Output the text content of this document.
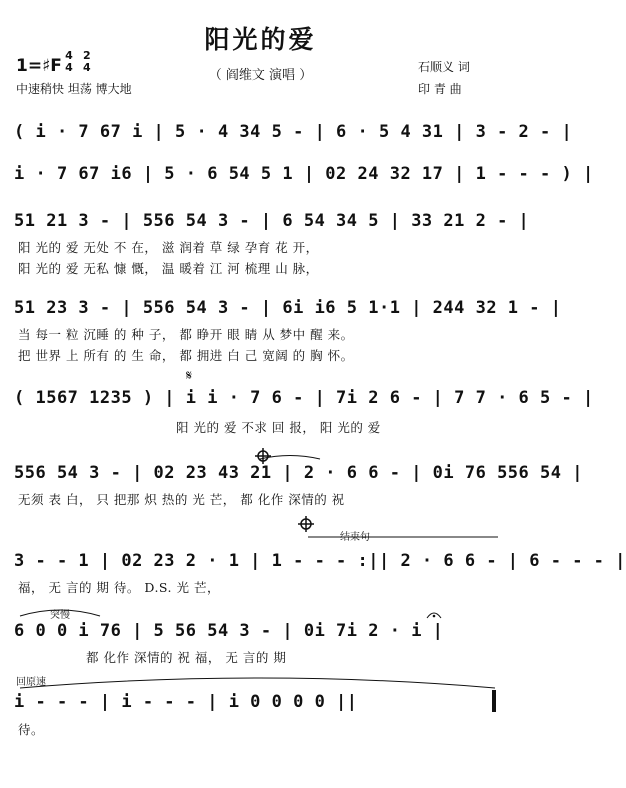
阳光的爱
（ 阎维文 演唱 ）
1=♯F
4
4 2
4
中速稍快 坦荡 博大地
石顺义 词
印 青 曲
( i · 7 67 i | 5 · 4 34 5 - | 6 · 5 4 31 | 3 - 2 - |
i · 7 67 i6 | 5 · 6 54 5 1 | 02 24 32 17 | 1 - - - ) |
51 21 3 - | 556 54 3 - | 6 54 34 5 | 33 21 2 - |
阳 光的 爱 无处 不 在， 滋 润着 草 绿 孕育 花 开，
阳 光的 爱 无私 慷 慨， 温 暖着 江 河 梳理 山 脉，
51 23 3 - | 556 54 3 - | 6i i6 5 1·1 | 244 32 1 - |
当 每一 粒 沉睡 的 种 子， 都 睁开 眼 睛 从 梦中 醒 来。
把 世界 上 所有 的 生 命， 都 拥进 白 己 宽阔 的 胸 怀。
𝄋
( 1567 1235 ) | i i · 7 6 - | 7i 2 6 - | 7 7 · 6 5 - |
阳 光的 爱 不求 回 报， 阳 光的 爱
556 54 3 - | 02 23 43 21 | 2 · 6 6 - | 0i 76 556 54 |
无须 表 白， 只 把那 炽 热的 光 芒， 都 化作 深情的 祝
结束句
3 - - 1 | 02 23 2 · 1 | 1 - - - :|| 2 · 6 6 - | 6 - - - |
福， 无 言的 期 待。 D.S. 光 芒，
突慢
6 0 0 i 76 | 5 56 54 3 - | 0i 7i 2 · i |
都 化作 深情的 祝 福， 无 言的 期
回原速
i - - - | i - - - | i 0 0 0 0 ||
待。
